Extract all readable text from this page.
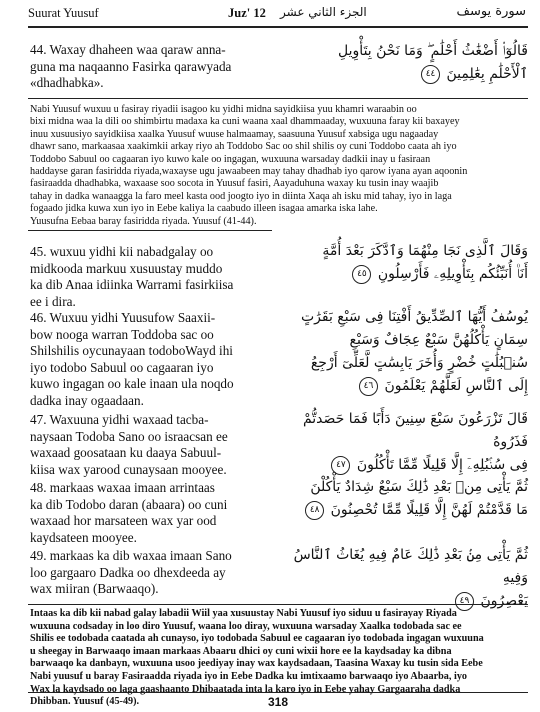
Suurat Yuusuf	Juz' 12 الجزء الثاني عشر	سورة يوسف
44. Waxay dhaheen waa qaraw anna-
guna ma naqaanno Fasirka qarawyada
«dhadhabka».
قَالُوٓا۟ أَضْغَٰثُ أَحْلَٰمٍ ۖ وَمَا نَحْنُ بِتَأْوِيلِ
ٱلْأَحْلَٰمِ بِعَٰلِمِينَ ٤٤
Nabi Yuusuf wuxuu u fasiray riyadii isagoo ku yidhi midna sayidkiisa yuu khamri waraabin oo
bixi midna waa la dili oo shimbirtu madaxa ka cuni waana xaal dhammaaday, wuxuuna faray kii baxayey
inuu xusuusiyo sayidkiisa xaalka Yuusuf wuuse halmaamay, saasuuna Yuusuf xabsiga ugu nagaaday
dhawr sano, markaasaa xaakimkii arkay riyo ah Toddobo Sac oo shil shilis oy cuni Toddobo caata ah iyo
Toddobo Sabuul oo cagaaran iyo kuwo kale oo ingagan, wuxuuna warsaday dadkii inay u fasiraan
haddayse garan fasiridda riyada,waxayse ugu jawaabeen may tahay dhadhab iyo qarow iyana ayan aqoonin
fasiraadda dhadhabka, waxaase soo socota in Yuusuf fasiri, Aayaduhuna waxay ku tusin inay waajib
tahay in dadka wanaagga la faro meel kasta ood joogto iyo in diinta Xaqa ah isku mid tahay, iyo in laga
fogaado jidka kuwa xun iyo in Eebe kaliya la caabudo illeen isagaa amarka iska lahe.
Yuusufna Eebaa baray fasiridda riyada. Yuusuf (41-44).
45. wuxuu yidhi kii nabadgalay oo
midkooda markuu xusuustay muddo
ka dib Anaa idiinka Warrami fasirkiisa
ee i dira.
وَقَالَ ٱلَّذِى نَجَا مِنْهُمَا وَٱدَّكَرَ بَعْدَ أُمَّةٍ
أَنَا۠ أُنَبِّئُكُم بِتَأْوِيلِهِۦ فَأَرْسِلُونِ ٤٥
46. Wuxuu yidhi Yuusufow Saaxii-
bow nooga warran Toddoba sac oo
Shilshilis oycunayaan todoboWayd ihi
iyo todobo Sabuul oo cagaaran iyo
kuwo ingagan oo kale inaan ula noqdo
dadka inay ogaadaan.
يُوسُفُ أَيُّهَا ٱلصِّدِّيقُ أَفْتِنَا فِى سَبْعِ بَقَرَٰتٍ
سِمَانٍ يَأْكُلُهُنَّ سَبْعٌ عِجَافٌ وَسَبْعِ
سُنۢبُلَٰتٍ خُضْرٍ وَأُخَرَ يَابِسَٰتٍ لَّعَلِّىٓ أَرْجِعُ
إِلَى ٱلنَّاسِ لَعَلَّهُمْ يَعْلَمُونَ ٤٦
47. Waxuuna yidhi waxaad tacba-
naysaan Todoba Sano oo israacsan ee
waxaad goosataan ku daaya Sabuul-
kiisa wax yarood cunaysaan mooyee.
قَالَ تَزْرَعُونَ سَبْعَ سِنِينَ دَأَبًا فَمَا حَصَدتُّمْ فَذَرُوهُ
فِى سُنۢبُلِهِۦٓ إِلَّا قَلِيلًا مِّمَّا تَأْكُلُونَ ٤٧
48. markaas waxaa imaan arrintaas
ka dib Todobo daran (abaara) oo cuni
waxaad hor marsateen wax yar ood
kaydsateen mooyee.
ثُمَّ يَأْتِى مِنۢ بَعْدِ ذَٰلِكَ سَبْعٌ شِدَادٌ يَأْكُلْنَ
مَا قَدَّمْتُمْ لَهُنَّ إِلَّا قَلِيلًا مِّمَّا تُحْصِنُونَ ٤٨
49. markaas ka dib waxaa imaan Sano
loo gargaaro Dadka oo dhexdeeda ay
wax miiran (Barwaaqo).
ثُمَّ يَأْتِى مِنۢ بَعْدِ ذَٰلِكَ عَامٌ فِيهِ يُغَاثُ ٱلنَّاسُ وَفِيهِ
يَعْصِرُونَ ٤٩
Intaas ka dib kii nabad galay labadii Wiil yaa xusuustay Nabi Yuusuf iyo siduu u fasirayay Riyada
wuxuuna codsaday in loo diro Yuusuf, waana loo diray, wuxuuna warsaday Xaalka todobada sac ee
Shilis ee todobada caatada ah cunayso, iyo todobada Sabuul ee cagaaran iyo todobada ingagan wuxuuna
u sheegay in Barwaaqo imaan markaas Abaaru dhici oy cuni wixii hore ee la kaydsaday ka dibna
barwaaqo ka danbayn, wuxuuna usoo jeediyay inay wax kaydsadaan, Taasina Waxay ku tusin sida Eebe
Nabi yuusuf u baray Fasiraadda riyada iyo in Eebe Dadka ku imtixaamo barwaaqo iyo Abaarba, iyo
Wax la kaydsado oo laga gaashaanto Dhibaatada inta la karo iyo in Eebe yahay Gargaaraha dadka
Dhibban. Yuusuf (45-49).	318
